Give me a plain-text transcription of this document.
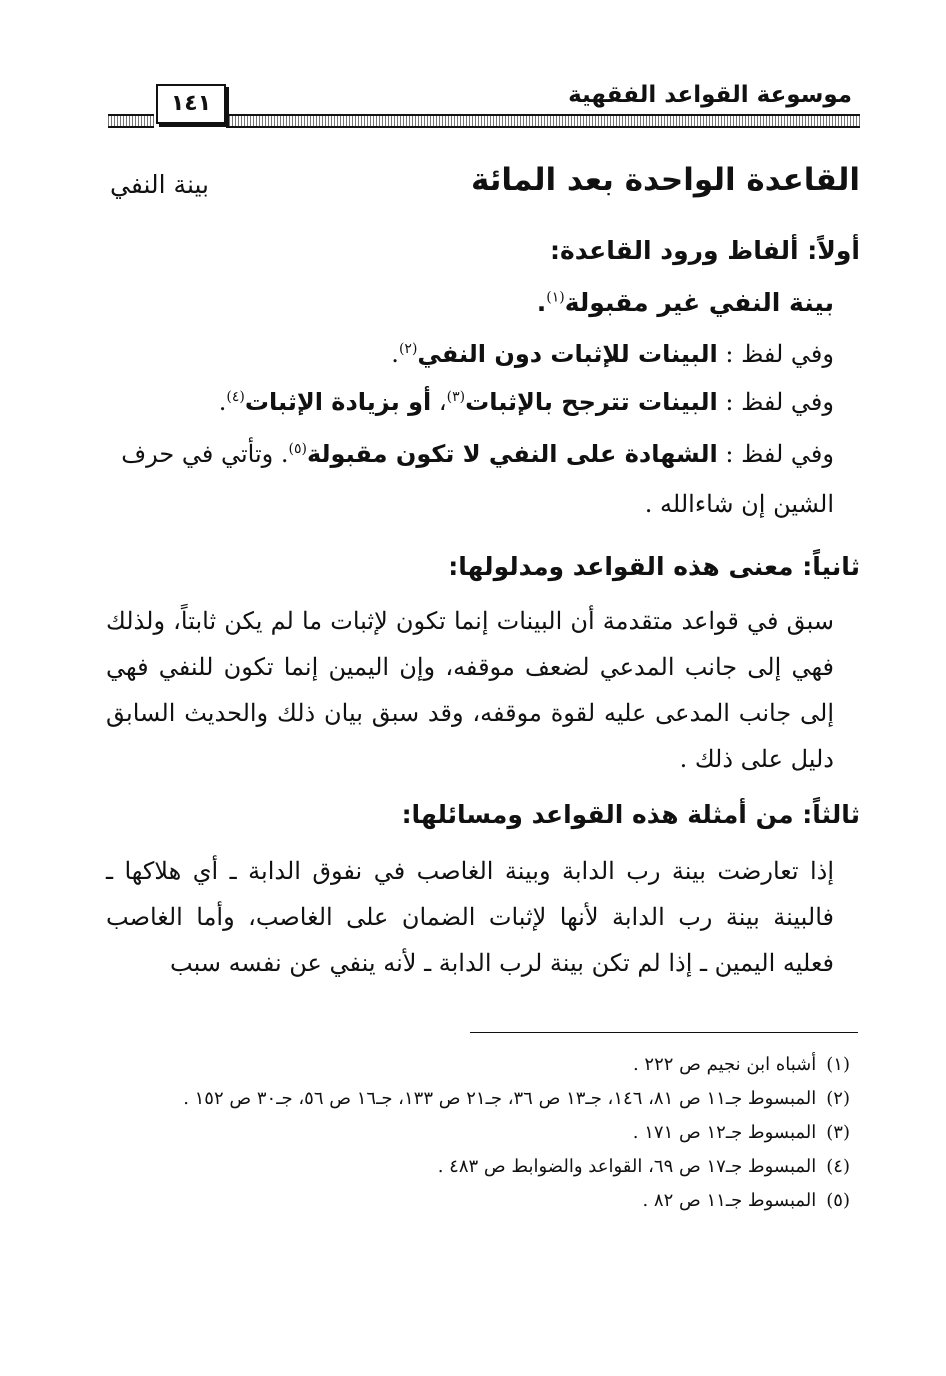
موسوعة القواعد الفقهية
١٤١
القاعدة الواحدة بعد المائة
بينة النفي
أولاً: ألفاظ ورود القاعدة:
بينة النفي غير مقبولة$^{(١)}$.
وفي لفظ : البينات للإثبات دون النفي$^{(٢)}$.
وفي لفظ : البينات تترجح بالإثبات$^{(٣)}$، أو بزيادة الإثبات$^{(٤)}$.
وفي لفظ : الشهادة على النفي لا تكون مقبولة$^{(٥)}$. وتأتي في حرف
الشين إن شاءالله .
ثانياً: معنى هذه القواعد ومدلولها:
سبق في قواعد متقدمة أن البينات إنما تكون لإثبات ما لم يكن ثابتاً، ولذلك فهي إلى جانب المدعي لضعف موقفه، وإن اليمين إنما تكون للنفي فهي إلى جانب المدعى عليه لقوة موقفه، وقد سبق بيان ذلك والحديث السابق دليل على ذلك .
ثالثاً: من أمثلة هذه القواعد ومسائلها:
إذا تعارضت بينة رب الدابة وبينة الغاصب في نفوق الدابة ـ أي هلاكها ـ فالبينة بينة رب الدابة لأنها لإثبات الضمان على الغاصب، وأما الغاصب فعليه اليمين ـ إذا لم تكن بينة لرب الدابة ـ لأنه ينفي عن نفسه سبب
(١)
أشباه ابن نجيم ص ٢٢٢ .
(٢)
المبسوط جـ١١ ص ٨١، ١٤٦، جـ١٣ ص ٣٦، جـ٢١ ص ١٣٣، جـ١٦ ص ٥٦، جـ٣٠ ص ١٥٢ .
(٣)
المبسوط جـ١٢ ص ١٧١ .
(٤)
المبسوط جـ١٧ ص ٦٩، القواعد والضوابط ص ٤٨٣ .
(٥)
المبسوط جـ١١ ص ٨٢ .
